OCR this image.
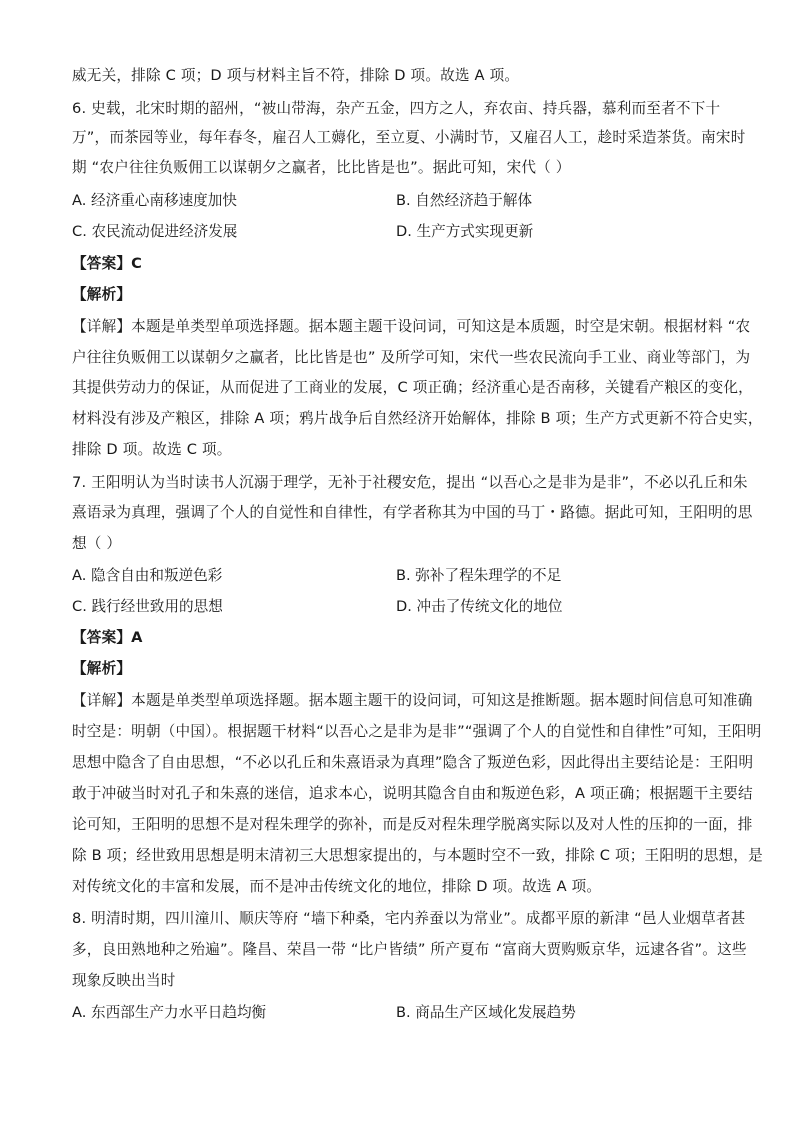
威无关，排除 C 项；D 项与材料主旨不符，排除 D 项。故选 A 项。
6. 史载，北宋时期的韶州，“被山带海，杂产五金，四方之人，弃农亩、持兵器，慕利而至者不下十
万”，而茶园等业，每年春冬，雇召人工薅化，至立夏、小满时节，又雇召人工，趁时采造茶货。南宋时
期 “农户往往负贩佣工以谋朝夕之赢者，比比皆是也”。据此可知，宋代（ ）
A. 经济重心南移速度加快	B. 自然经济趋于解体
C. 农民流动促进经济发展	D. 生产方式实现更新
【答案】C
【解析】
【详解】本题是单类型单项选择题。据本题主题干设问词，可知这是本质题，时空是宋朝。根据材料 “农
户往往负贩佣工以谋朝夕之赢者，比比皆是也” 及所学可知，宋代一些农民流向手工业、商业等部门，为
其提供劳动力的保证，从而促进了工商业的发展，C 项正确；经济重心是否南移，关键看产粮区的变化，
材料没有涉及产粮区，排除 A 项；鸦片战争后自然经济开始解体，排除 B 项；生产方式更新不符合史实，
排除 D 项。故选 C 项。
7. 王阳明认为当时读书人沉溺于理学，无补于社稷安危，提出 “以吾心之是非为是非”，不必以孔丘和朱
熹语录为真理，强调了个人的自觉性和自律性，有学者称其为中国的马丁・路德。据此可知，王阳明的思
想（ ）
A. 隐含自由和叛逆色彩	B. 弥补了程朱理学的不足
C. 践行经世致用的思想	D. 冲击了传统文化的地位
【答案】A
【解析】
【详解】本题是单类型单项选择题。据本题主题干的设问词，可知这是推断题。据本题时间信息可知准确
时空是：明朝（中国）。根据题干材料“以吾心之是非为是非”“强调了个人的自觉性和自律性”可知，王阳明
思想中隐含了自由思想，“不必以孔丘和朱熹语录为真理”隐含了叛逆色彩，因此得出主要结论是：王阳明
敢于冲破当时对孔子和朱熹的迷信，追求本心，说明其隐含自由和叛逆色彩，A 项正确；根据题干主要结
论可知，王阳明的思想不是对程朱理学的弥补，而是反对程朱理学脱离实际以及对人性的压抑的一面，排
除 B 项；经世致用思想是明末清初三大思想家提出的，与本题时空不一致，排除 C 项；王阳明的思想，是
对传统文化的丰富和发展，而不是冲击传统文化的地位，排除 D 项。故选 A 项。
8. 明清时期，四川潼川、顺庆等府 “墙下种桑，宅内养蚕以为常业”。成都平原的新津 “邑人业烟草者甚
多，良田熟地种之殆遍”。隆昌、荣昌一带 “比户皆绩” 所产夏布 “富商大贾购贩京华，远逮各省”。这些
现象反映出当时
A. 东西部生产力水平日趋均衡	B. 商品生产区域化发展趋势
